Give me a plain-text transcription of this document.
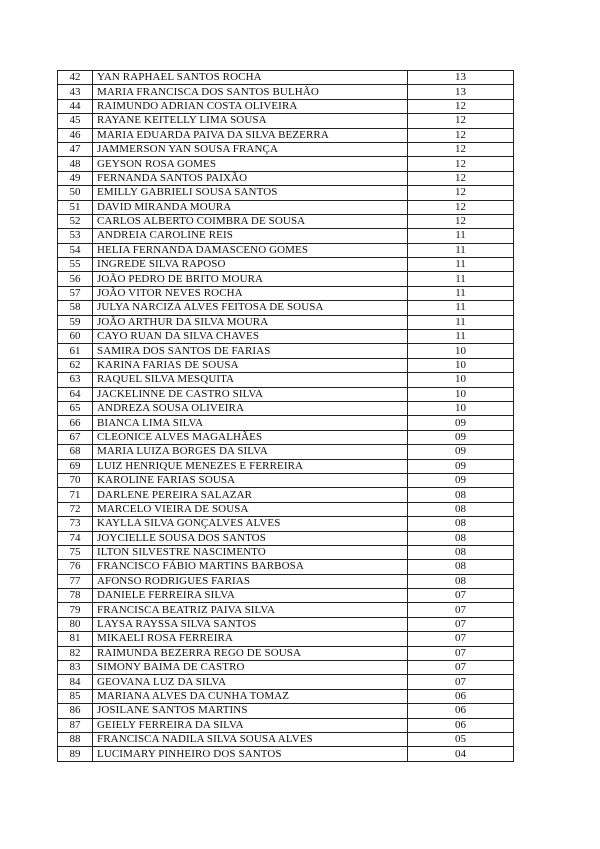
42	YAN RAPHAEL SANTOS ROCHA	13
43	MARIA FRANCISCA DOS SANTOS BULHÃO	13
44	RAIMUNDO ADRIAN COSTA OLIVEIRA	12
45	RAYANE KEITELLY LIMA SOUSA	12
46	MARIA EDUARDA PAIVA DA SILVA BEZERRA	12
47	JAMMERSON YAN SOUSA FRANÇA	12
48	GEYSON ROSA GOMES	12
49	FERNANDA SANTOS PAIXÃO	12
50	EMILLY GABRIELI SOUSA SANTOS	12
51	DAVID MIRANDA MOURA	12
52	CARLOS ALBERTO COIMBRA DE SOUSA	12
53	ANDREIA CAROLINE REIS	11
54	HELIA FERNANDA DAMASCENO GOMES	11
55	INGREDE SILVA RAPOSO	11
56	JOÃO PEDRO DE BRITO MOURA	11
57	JOÃO VITOR NEVES ROCHA	11
58	JULYA NARCIZA ALVES FEITOSA DE SOUSA	11
59	JOÃO ARTHUR DA SILVA MOURA	11
60	CAYO RUAN DA SILVA CHAVES	11
61	SAMIRA DOS SANTOS DE FARIAS	10
62	KARINA FARIAS DE SOUSA	10
63	RAQUEL SILVA MESQUITA	10
64	JACKELINNE DE CASTRO SILVA	10
65	ANDREZA SOUSA OLIVEIRA	10
66	BIANCA LIMA SILVA	09
67	CLEONICE ALVES MAGALHÃES	09
68	MARIA LUIZA BORGES DA SILVA	09
69	LUIZ HENRIQUE MENEZES E FERREIRA	09
70	KAROLINE FARIAS SOUSA	09
71	DARLENE PEREIRA SALAZAR	08
72	MARCELO VIEIRA DE SOUSA	08
73	KAYLLA SILVA GONÇALVES ALVES	08
74	JOYCIELLE SOUSA DOS SANTOS	08
75	ILTON SILVESTRE NASCIMENTO	08
76	FRANCISCO FÁBIO MARTINS BARBOSA	08
77	AFONSO RODRIGUES FARIAS	08
78	DANIELE FERREIRA SILVA	07
79	FRANCISCA BEATRIZ PAIVA SILVA	07
80	LAYSA RAYSSA SILVA SANTOS	07
81	MIKAELI ROSA FERREIRA	07
82	RAIMUNDA BEZERRA REGO DE SOUSA	07
83	SIMONY BAIMA DE CASTRO	07
84	GEOVANA LUZ DA SILVA	07
85	MARIANA ALVES DA CUNHA TOMAZ	06
86	JOSILANE SANTOS MARTINS	06
87	GEIELY FERREIRA DA SILVA	06
88	FRANCISCA NADILA SILVA SOUSA ALVES	05
89	LUCIMARY PINHEIRO DOS SANTOS	04
